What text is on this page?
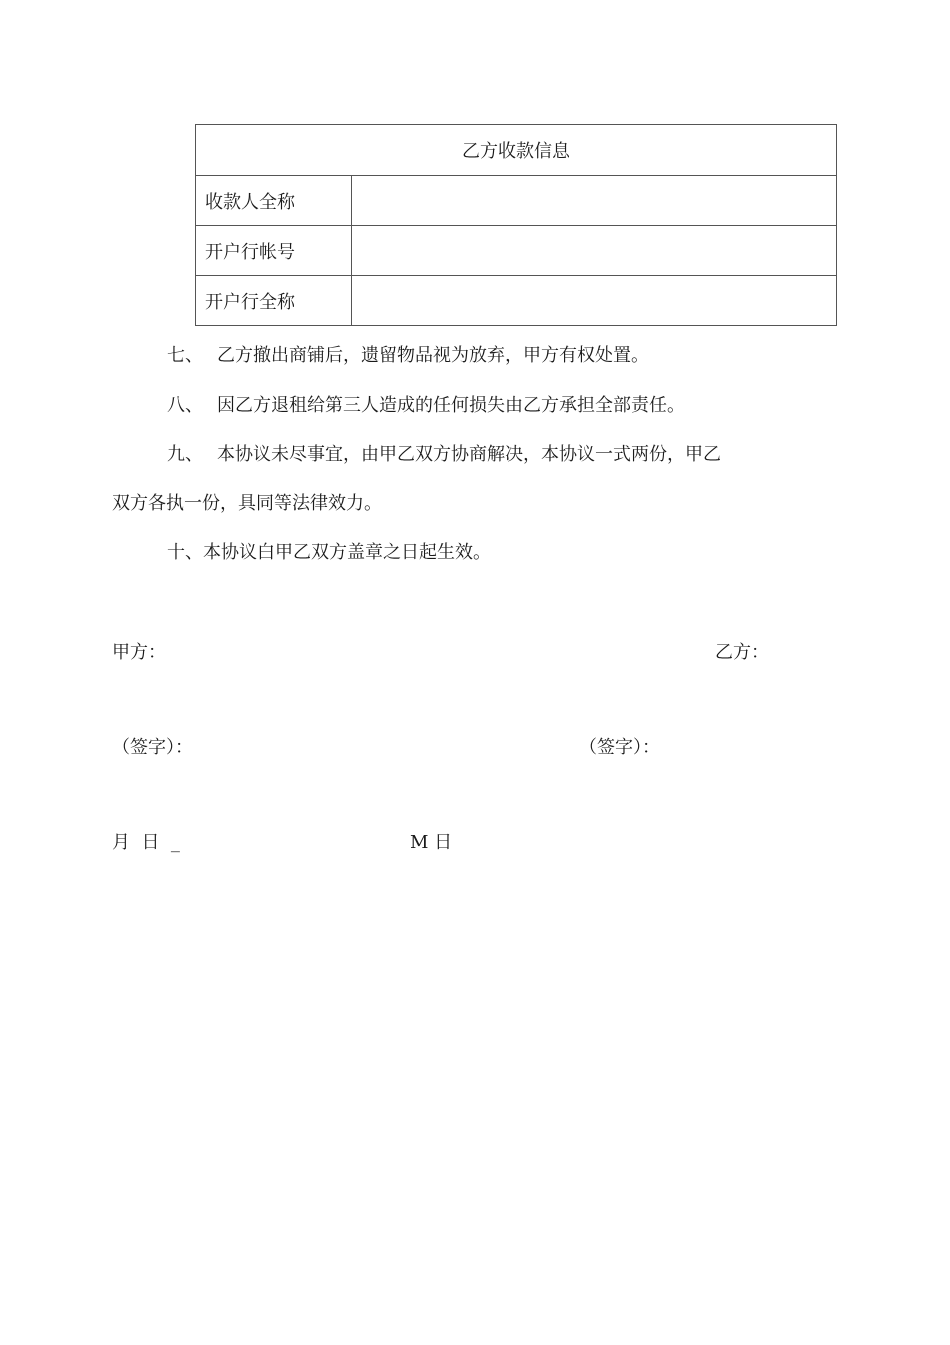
乙方收款信息	
收款人全称	
开户行帐号	
开户行全称	
七、 乙方撤出商铺后，遗留物品视为放弃，甲方有权处置。
八、 因乙方退租给第三人造成的任何损失由乙方承担全部责任。
九、 本协议未尽事宜，由甲乙双方协商解决，本协议一式两份，甲乙
双方各执一份，具同等法律效力。
十、本协议白甲乙双方盖章之日起生效。
甲方：	乙方：
（签字）：	（签字）：
月  日  _	M 日
